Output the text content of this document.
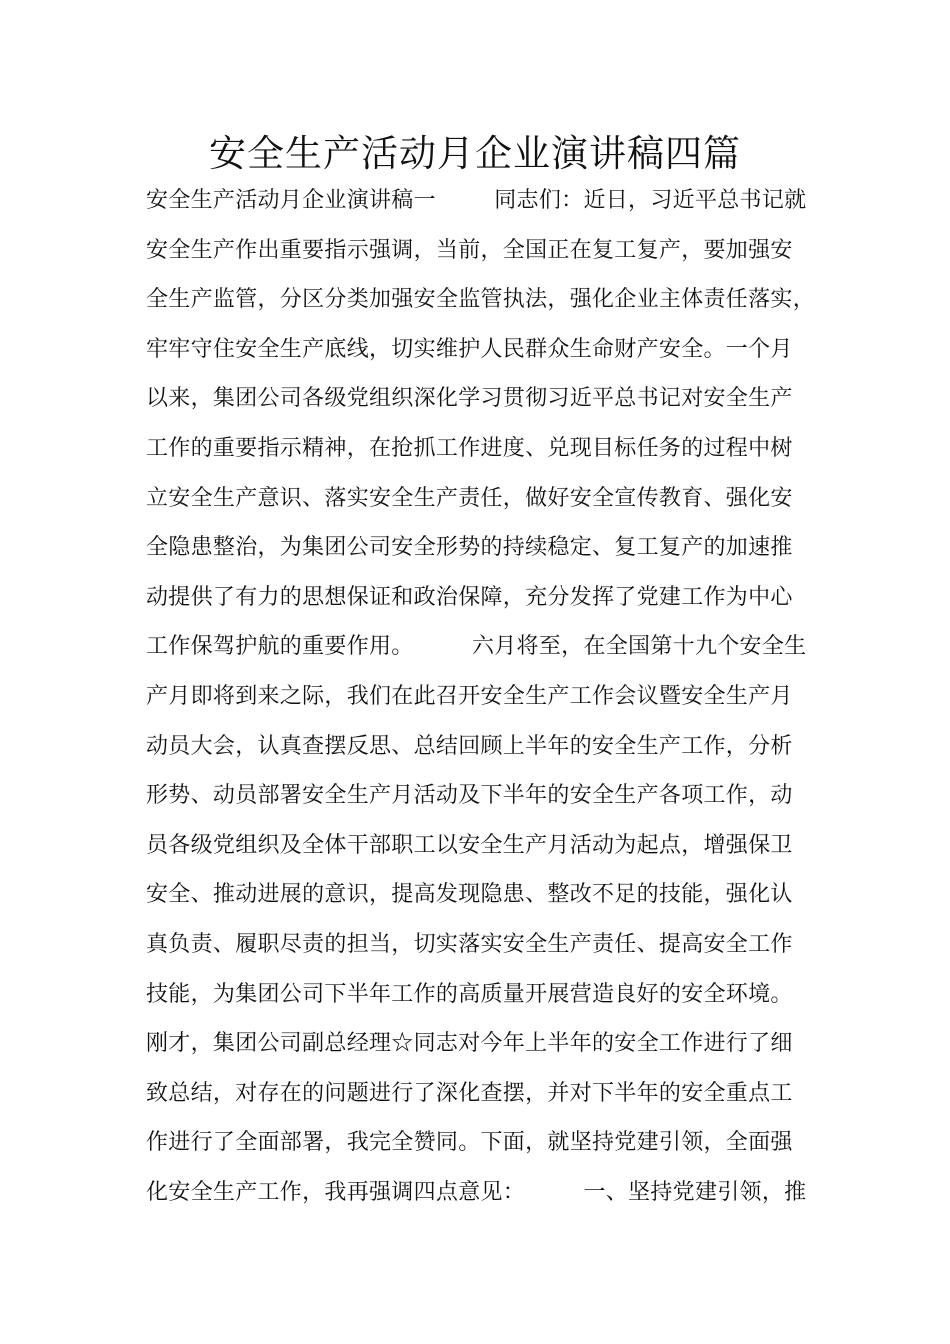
安全生产活动月企业演讲稿四篇
安全生产活动月企业演讲稿一        同志们：近日，习近平总书记就
安全生产作出重要指示强调，当前，全国正在复工复产，要加强安
全生产监管，分区分类加强安全监管执法，强化企业主体责任落实，
牢牢守住安全生产底线，切实维护人民群众生命财产安全。一个月
以来，集团公司各级党组织深化学习贯彻习近平总书记对安全生产
工作的重要指示精神，在抢抓工作进度、兑现目标任务的过程中树
立安全生产意识、落实安全生产责任，做好安全宣传教育、强化安
全隐患整治，为集团公司安全形势的持续稳定、复工复产的加速推
动提供了有力的思想保证和政治保障，充分发挥了党建工作为中心
工作保驾护航的重要作用。        六月将至，在全国第十九个安全生
产月即将到来之际，我们在此召开安全生产工作会议暨安全生产月
动员大会，认真查摆反思、总结回顾上半年的安全生产工作，分析
形势、动员部署安全生产月活动及下半年的安全生产各项工作，动
员各级党组织及全体干部职工以安全生产月活动为起点，增强保卫
安全、推动进展的意识，提高发现隐患、整改不足的技能，强化认
真负责、履职尽责的担当，切实落实安全生产责任、提高安全工作
技能，为集团公司下半年工作的高质量开展营造良好的安全环境。
刚才，集团公司副总经理☆同志对今年上半年的安全工作进行了细
致总结，对存在的问题进行了深化查摆，并对下半年的安全重点工
作进行了全面部署，我完全赞同。下面，就坚持党建引领，全面强
化安全生产工作，我再强调四点意见：        一、坚持党建引领，推
